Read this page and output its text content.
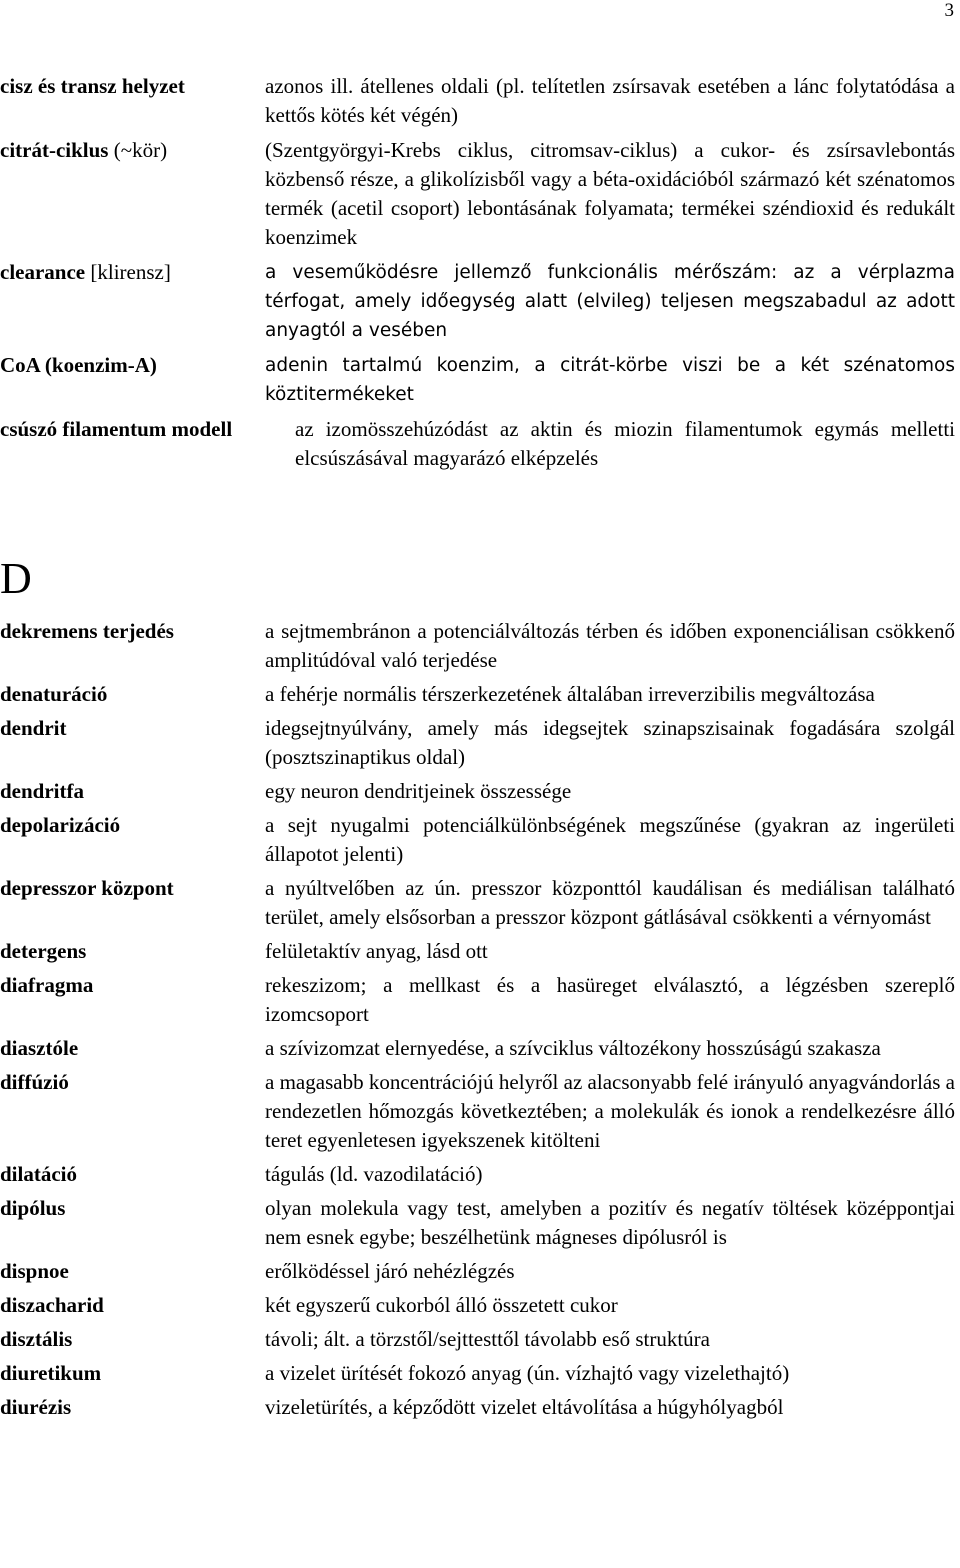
3
cisz és transz helyzet	azonos ill. átellenes oldali (pl. telítetlen zsírsavak esetében a lánc folytatódása a kettős kötés két végén)
citrát-ciklus (~kör)	(Szentgyörgyi-Krebs ciklus, citromsav-ciklus) a cukor- és zsírsavlebontás közbenső része, a glikolízisből vagy a béta-oxidációból származó két szénatomos termék (acetil csoport) lebontásának folyamata; termékei széndioxid és redukált koenzimek
clearance [klirensz]	a veseműködésre jellemző funkcionális mérőszám: az a vérplazma térfogat, amely időegység alatt (elvileg) teljesen megszabadul az adott anyagtól a vesében
CoA (koenzim-A)	adenin tartalmú koenzim, a citrát-körbe viszi be a két szénatomos köztitermékeket
csúszó filamentum modell	az izomösszehúzódást az aktin és miozin filamentumok egymás melletti elcsúszásával magyarázó elképzelés
D
dekremens terjedés	a sejtmembránon a potenciálváltozás térben és időben exponenciálisan csökkenő amplitúdóval való terjedése
denaturáció	a fehérje normális térszerkezetének általában irreverzibilis megváltozása
dendrit	idegsejtnyúlvány, amely más idegsejtek szinapszisainak fogadására szolgál (posztszinaptikus oldal)
dendritfa	egy neuron dendritjeinek összessége
depolarizáció	a sejt nyugalmi potenciálkülönbségének megszűnése (gyakran az ingerületi állapotot jelenti)
depresszor központ	a nyúltvelőben az ún. presszor központtól kaudálisan és mediálisan található terület, amely elsősorban a presszor központ gátlásával csökkenti a vérnyomást
detergens	felületaktív anyag, lásd ott
diafragma	rekeszizom; a mellkast és a hasüreget elválasztó, a légzésben szereplő izomcsoport
diasztóle	a szívizomzat elernyedése, a szívciklus változékony hosszúságú szakasza
diffúzió	a magasabb koncentrációjú helyről az alacsonyabb felé irányuló anyagvándorlás a rendezetlen hőmozgás következtében; a molekulák és ionok a rendelkezésre álló teret egyenletesen igyekszenek kitölteni
dilatáció	tágulás (ld. vazodilatáció)
dipólus	olyan molekula vagy test, amelyben a pozitív és negatív töltések középpontjai nem esnek egybe; beszélhetünk mágneses dipólusról is
dispnoe	erőlködéssel járó nehézlégzés
diszacharid	két egyszerű cukorból álló összetett cukor
disztális	távoli; ált. a törzstől/sejttesttől távolabb eső struktúra
diuretikum	a vizelet ürítését fokozó anyag (ún. vízhajtó vagy vizelethajtó)
diurézis	vizeletürítés, a képződött vizelet eltávolítása a húgyhólyagból
